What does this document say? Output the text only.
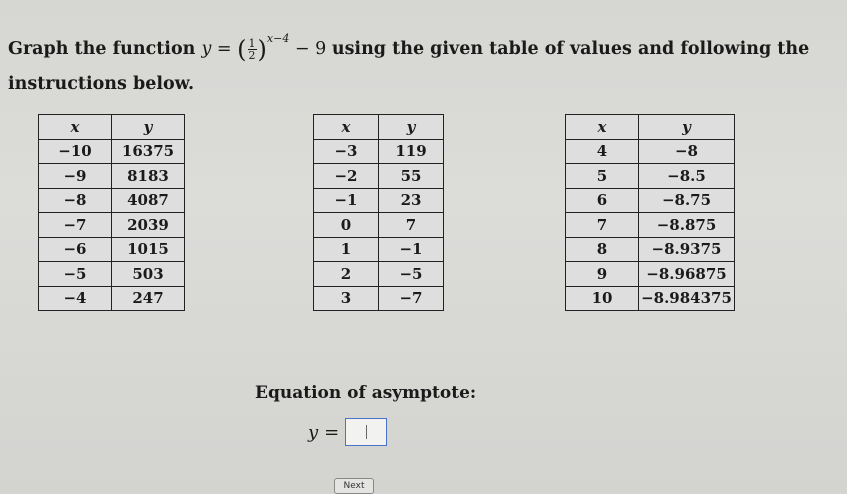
Graph the function y = ( $\frac{1}{2} )^{x-4} - 9$ using the given table of values and following the instructions below.
x	y
−10	16375
−9	8183
−8	4087
−7	2039
−6	1015
−5	503
−4	247
x	y
−3	119
−2	55
−1	23
0	7
1	−1
2	−5
3	−7
x	y
4	−8
5	−8.5
6	−8.75
7	−8.875
8	−8.9375
9	−8.96875
10	−8.984375
Equation of asymptote:
y =
Next
